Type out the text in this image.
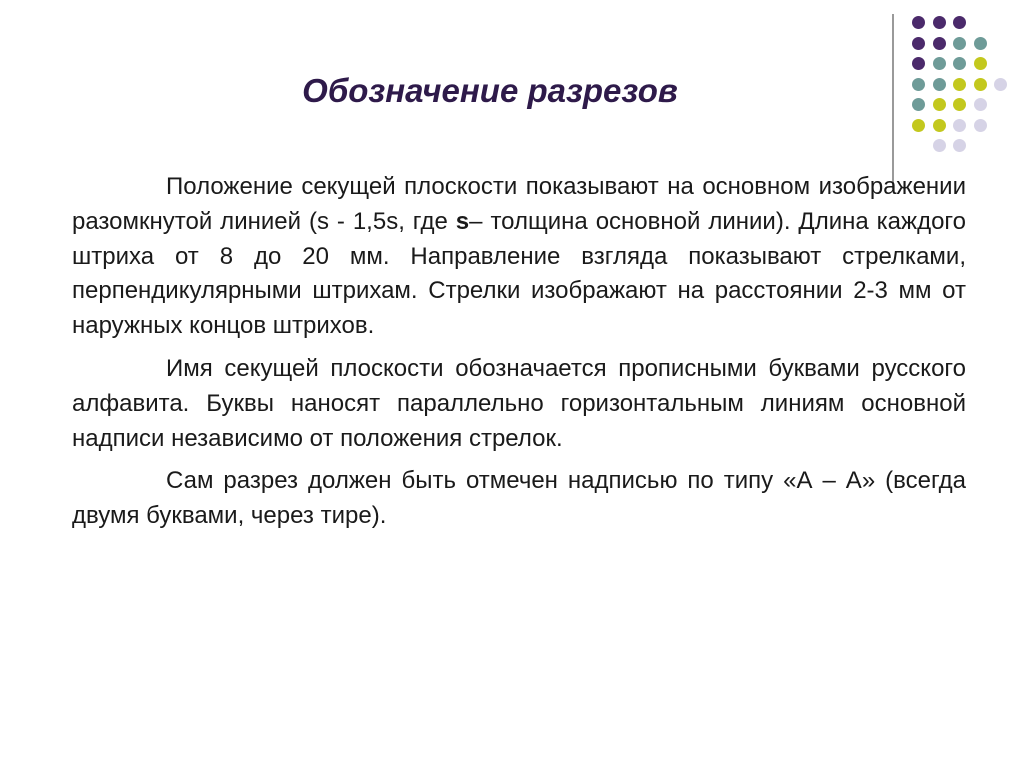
Обозначение разрезов

Положение секущей плоскости показывают на основном изображении разомкнутой линией (s - 1,5s, где s– толщина основной линии). Длина каждого штриха от 8 до 20 мм. Направление взгляда показывают стрелками, перпендикулярными штрихам. Стрелки изображают на расстоянии 2-3 мм от наружных концов штрихов.

Имя секущей плоскости обозначается прописными буквами русского алфавита. Буквы наносят параллельно горизонтальным линиям основной надписи независимо от положения стрелок.

Сам разрез должен быть отмечен надписью по типу «А – А» (всегда двумя буквами, через тире).
